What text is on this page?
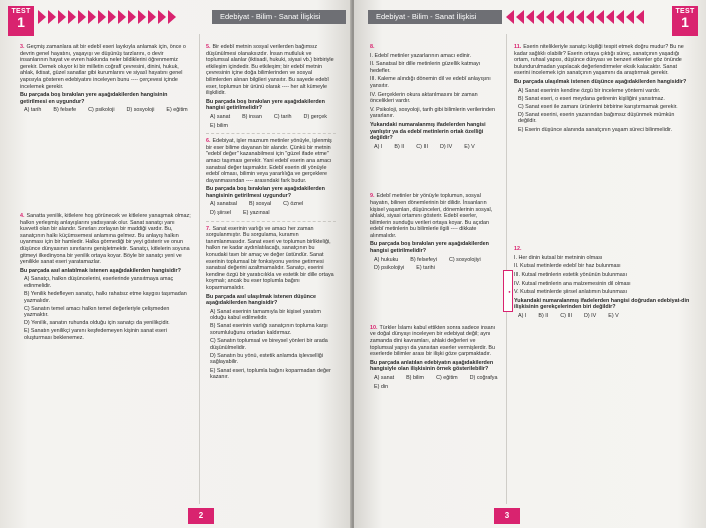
TEST
1	Edebiyat - Bilim - Sanat İlişkisi

3. Geçmiş zamanlara ait bir edebî eseri layıkıyla anlamak için, önce o devrin genel hayatını, yaşayışı ve düşünüş tarzlarını, o devir insanlarının hayat ve evren hakkında neler bildiklerini öğrenmemiz gerekir. Demek oluyor ki bir milletin coğrafî çevresini, dinini, hukuk, ahlak, iktisat, güzel sanatlar gibi kurumlarını ve siyasî hayatını genel yapısıyla gösteren edebiyatını inceleyen bunu ---- çerçevesi içinde incelemek gerekir.

Bu parçada boş bırakılan yere aşağıdakilerden hangisinin getirilmesi en uygundur?

A) tarih B) felsefe C) psikoloji D) sosyoloji E) eğitim

4. Sanatta yenilik, kitlelere hoş görünecek ve kitlelere yanaşmak olmaz; halkın yerleşmiş anlayışlarını yadsıyarak olur. Sanat sanatçı yanı kuvvetli olan bir alandır. Sınırları zorlayan bir maddiği vardır. Bu, sanatçının halkı küçümsemesi anlamına gelmez. Bu anlayış halkın uyanması için bir hamledir. Halka görmediği bir yeyi gösterir ve onun düşünce dünyasının sınırlarını genişletmektir. Sanatçı, kitlelerin soyuna gitmeyi ilkedinyona bir yenilik ortaya koyar. Böyle bir sanatçı yeni ve yenilikle sanat eseri yaratamazlar.

Bu parçada asıl anlatılmak istenen aşağıdakilerden hangisidir?

A) Sanatçı, halkın düşüncelerini, eserlerinde yansıtmaya amaç edinmelidir.
B) Yenilik hedefleyen sanatçı, halkı rahatsız etme kaygısı taşımadan yazmalıdır.
C) Sanatın temel amacı halkın temel değerleriyle çelişmeden yazmaktır.
D) Yenilik, sanatın ruhunda olduğu için sanatçı da yenilikçidir.
E) Sanatın yenilikçi yanını keşfedemeyen kişinin sanat eseri oluşturması beklenemez.

5. Bir edebî metnin sosyal verilerden bağımsız düşünülmesi olanaksızdır. İnsan mutluluk ve toplumsal alanlar (iktisadi, hukuki, siyasi vb.) birbiriyle etkileşim içindedir. Bu etkileşim; bir edebî metnin çevresinin içine doğa bilimlerinden ve sosyal bilimlerden alınan bilgileri yansıtır. Bu sayede edebî eser, toplumun bir ürünü olarak ---- her alt kümeyle ilişkilidir.

Bu parçada boş bırakılan yere aşağıdakilerden hangisi getirilmelidir?

A) sanat B) insan C) tarih D) gerçek
E) bilim

6. Edebiyat, işler maznum metinler yönüyle, işlenmiş bir eser bilime dayanan bir alandır. Çünkü bir metnin "edebî değer" kazanabilmesi için "güzel ifade etme" amacı taşıması gerekir. Yani edebî eserin ana amacı sanatsal değer taşımaktır. Edebî eserin dil yönüyle edebî olması, bilimin veya yararlılığa ve gerçeklere dayanmasından ---- arasındaki fark budur.

Bu parçada boş bırakılan yere aşağıdakilerden hangisinin getirilmesi uygundur?

A) sanatsal B) sosyal C) öznel
D) şiirsel E) yazınsal

7. Sanat eserinin varlığı ve amacı her zaman sorgulanmıştır. Bu sorgulama, kuramın tanımlanmasıdır. Sanat eseri ve toplumun birlikteliği, halkın ne kadar aydınlatılacağı, sanatçının bu konudaki tavrı bir amaç ve değer üstündür. Sanat eserinin toplumsal bir fonksiyonu yerine getirmesi sanatsal değerini azaltmamalıdır. Sanatçı, eserini kendine özgü bir yaratıcılıkla ve estetik bir dille ortaya koymalı; ancak bu eser toplumla bağını koparmamalıdır.

Bu parçada asıl ulaşılmak istenen düşünce aşağıdakilerden hangisidir?

A) Sanat eserinin tamamıyla bir kişisel yaratım olduğu kabul edilmelidir.
B) Sanat eserinin varlığı sanatçının topluma karşı sorumluluğunu ortadan kaldırmaz.
C) Sanatın toplumsal ve bireysel yönleri bir arada düşünülmelidir.
D) Sanatın bu yönü, estetik anlamda işlevselliği sağlayabilir.
E) Sanat eseri, toplumla bağını koparmadan değer kazanır.
2
Edebiyat - Bilim - Sanat İlişkisi
TEST
1
●

8.

I. Edebî metinler yazarlarının amacı edinir.

II. Sanatsal bir dille metinlerin güzellik katmayı hedefler.

III. Kaleme alındığı dönemin dil ve edebî anlayışını yansıtır.

IV. Gerçeklerin okura aktarılmasını bir zaman öncelikleri vardır.

V. Psikoloji, sosyoloji, tarih gibi bilimlerin verilerinden yararlanır.

Yukarıdaki numaralanmış ifadelerden hangisi yanlıştır ya da edebî metinlerin ortak özelliği değildir?

A) I B) II C) III D) IV E) V

9. Edebî metinler bir yönüyle toplumun, sosyal hayatın, bilinen dönemlerinin bir dilidir. İnsanların kişisel yaşamları, düşünceleri, dönemlerinin sosyal, ahlaki, siyasi ortamını gösterir. Edebî eserler, bilimlerin sunduğu verileri ortaya koyar. Bu açıdan edebî metinlerin bu bilimlerle ilgili ---- dikkate alınmalıdır.

Bu parçada boş bırakılan yere aşağıdakilerden hangisi getirilmelidir?

A) hukuku B) felsefeyi C) sosyolojiyi
D) psikolojiyi E) tarihi

10. Türkler İslamı kabul ettikten sonra sadece insanı ve doğal dünyayı inceleyen bir edebiyat değil; aynı zamanda dini kavramları, ahlaki değerleri ve toplumsal yapıyı da yansıtan eserler vermişlerdir. Bu eserlerde bilimler arası bir ilişki göze çarpmaktadır.

Bu parçada anlatılan edebiyatın aşağıdakilerden hangisiyle olan ilişkisinin örnek gösterilebilir?

A) sanat B) bilim C) eğitim D) coğrafya
E) din

11. Eserin nitelikleriyle sanatçı kişiliği tespit etmek doğru mudur? Bu ne kadar sağlıklı olabilir? Eserin ortaya çıktığı süreç, sanatçının yaşadığı ortam, ruhsal yapısı, düşünce dünyası ve benzeri etkenler göz önünde bulundurulmadan yapılacak değerlendirmeler eksik kalacaktır. Sanat eserini incelemek için sanatçının yaşamını da araştırmak gerekir.

Bu parçada ulaşılmak istenen düşünce aşağıdakilerden hangisidir?

A) Sanat eserinin kendine özgü bir inceleme yöntemi vardır.
B) Sanat eseri, o eseri meydana getirenin kişiliğini yansıtmaz.
C) Sanat eseri ile zamanı ürünlerini birbirine karıştırmamak gerekir.
D) Sanat eserini, eserin yazarından bağımsız düşünmek mümkün değildir.
E) Eserin düşünce alanında sanatçının yaşam süreci bilinmelidir.

12.

I. Her dinin kutsal bir metninin olması

II. Kutsal metinlerde edebî bir haz bulunması

III. Kutsal metinlerin estetik yönünün bulunması

IV. Kutsal metinlerin ana malzemesinin dil olması

V. Kutsal metinlerde şiirsel anlatımın bulunması

Yukarıdaki numaralanmış ifadelerden hangisi doğrudan edebiyat-din ilişkisinin gerekçelerinden biri değildir?

A) I B) II C) III D) IV E) V
3
